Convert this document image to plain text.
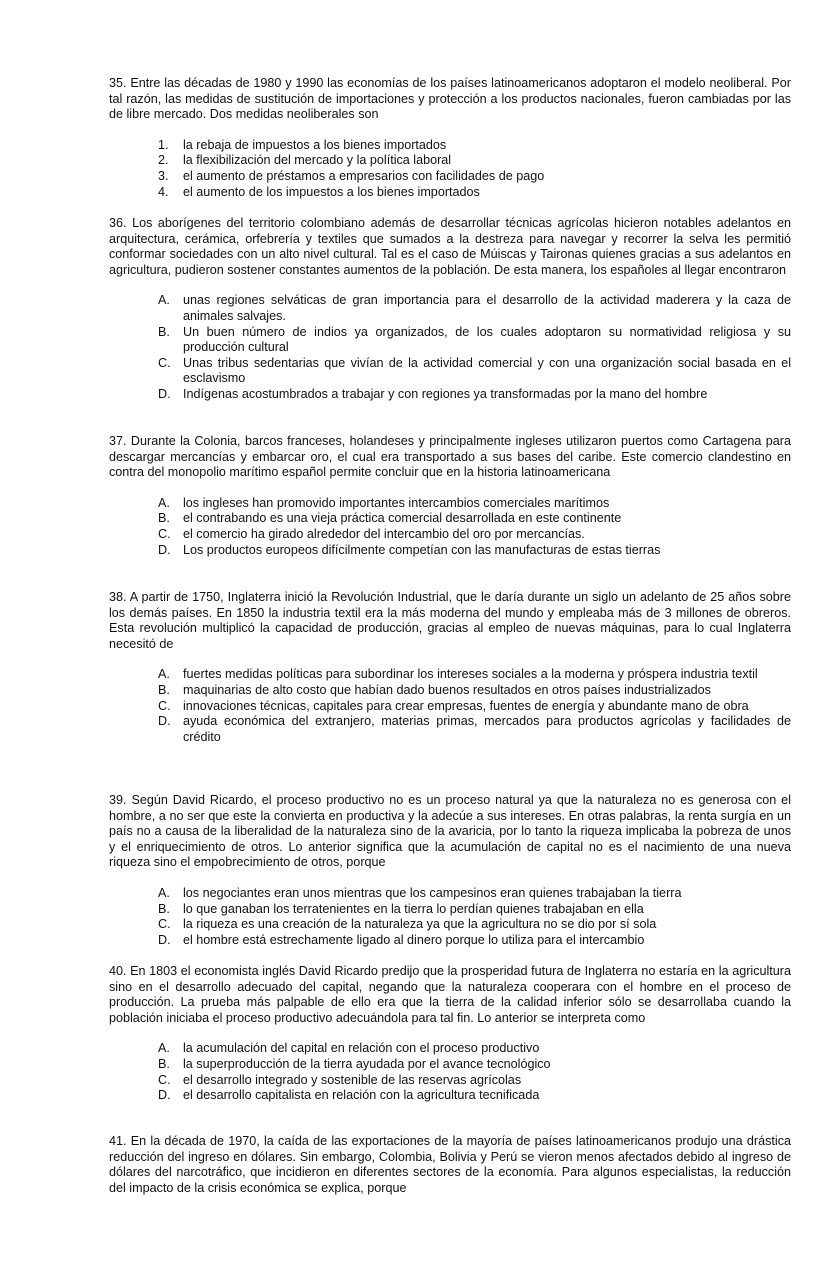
35. Entre las décadas de 1980 y 1990 las economías de los países latinoamericanos adoptaron el modelo neoliberal. Por tal razón, las medidas de sustitución de importaciones y protección a los productos nacionales, fueron cambiadas por las de libre mercado. Dos medidas neoliberales son

1. la rebaja de impuestos a los bienes importados
2. la flexibilización del mercado y la política laboral
3. el aumento de préstamos a empresarios con facilidades de pago
4. el aumento de los impuestos a los bienes importados

36. Los aborígenes del territorio colombiano además de desarrollar técnicas agrícolas hicieron notables adelantos en arquitectura, cerámica, orfebrería y textiles que sumados a la destreza para navegar y recorrer la selva les permitió conformar sociedades con un alto nivel cultural. Tal es el caso de Múiscas y Taironas quienes gracias a sus adelantos en agricultura, pudieron sostener constantes aumentos de la población. De esta manera, los españoles al llegar encontraron

A. unas regiones selváticas de gran importancia para el desarrollo de la actividad maderera y la caza de animales salvajes.
B. Un buen número de indios ya organizados, de los cuales adoptaron su normatividad religiosa y su producción cultural
C. Unas tribus sedentarias que vivían de la actividad comercial y con una organización social basada en el esclavismo
D. Indígenas acostumbrados a trabajar y con regiones ya transformadas por la mano del hombre

37. Durante la Colonia, barcos franceses, holandeses y principalmente ingleses utilizaron puertos como Cartagena para descargar mercancías y embarcar oro, el cual era transportado a sus bases del caribe. Este comercio clandestino en contra del monopolio marítimo español permite concluir que en la historia latinoamericana

A. los ingleses han promovido importantes intercambios comerciales marítimos
B. el contrabando es una vieja práctica comercial desarrollada en este continente
C. el comercio ha girado alrededor del intercambio del oro por mercancías.
D. Los productos europeos difícilmente competían con las manufacturas de estas tierras

38. A partir de 1750, Inglaterra inició la Revolución Industrial, que le daría durante un siglo un adelanto de 25 años sobre los demás países. En 1850 la industria textil era la más moderna del mundo y empleaba más de 3 millones de obreros. Esta revolución multiplicó la capacidad de producción, gracias al empleo de nuevas máquinas, para lo cual Inglaterra necesitó de

A. fuertes medidas políticas para subordinar los intereses sociales a la moderna y próspera industria textil
B. maquinarias de alto costo que habían dado buenos resultados en otros países industrializados
C. innovaciones técnicas, capitales para crear empresas, fuentes de energía y abundante mano de obra
D. ayuda económica del extranjero, materias primas, mercados para productos agrícolas y facilidades de crédito

39. Según David Ricardo, el proceso productivo no es un proceso natural ya que la naturaleza no es generosa con el hombre, a no ser que este la convierta en productiva y la adecúe a sus intereses. En otras palabras, la renta surgía en un país no a causa de la liberalidad de la naturaleza sino de la avaricia, por lo tanto la riqueza implicaba la pobreza de unos y el enriquecimiento de otros. Lo anterior significa que la acumulación de capital no es el nacimiento de una nueva riqueza sino el empobrecimiento de otros, porque

A. los negociantes eran unos mientras que los campesinos eran quienes trabajaban la tierra
B. lo que ganaban los terratenientes en la tierra lo perdían quienes trabajaban en ella
C. la riqueza es una creación de la naturaleza ya que la agricultura no se dio por sí sola
D. el hombre está estrechamente ligado al dinero porque lo utiliza para el intercambio

40. En 1803 el economista inglés David Ricardo predijo que la prosperidad futura de Inglaterra no estaría en la agricultura sino en el desarrollo adecuado del capital, negando que la naturaleza cooperara con el hombre en el proceso de producción. La prueba más palpable de ello era que la tierra de la calidad inferior sólo se desarrollaba cuando la población iniciaba el proceso productivo adecuándola para tal fin. Lo anterior se interpreta como

A. la acumulación del capital en relación con el proceso productivo
B. la superproducción de la tierra ayudada por el avance tecnológico
C. el desarrollo integrado y sostenible de las reservas agrícolas
D. el desarrollo capitalista en relación con la agricultura tecnificada

41. En la década de 1970, la caída de las exportaciones de la mayoría de países latinoamericanos produjo una drástica reducción del ingreso en dólares. Sin embargo, Colombia, Bolivia y Perú se vieron menos afectados debido al ingreso de dólares del narcotráfico, que incidieron en diferentes sectores de la economía. Para algunos especialistas, la reducción del impacto de la crisis económica se explica, porque
